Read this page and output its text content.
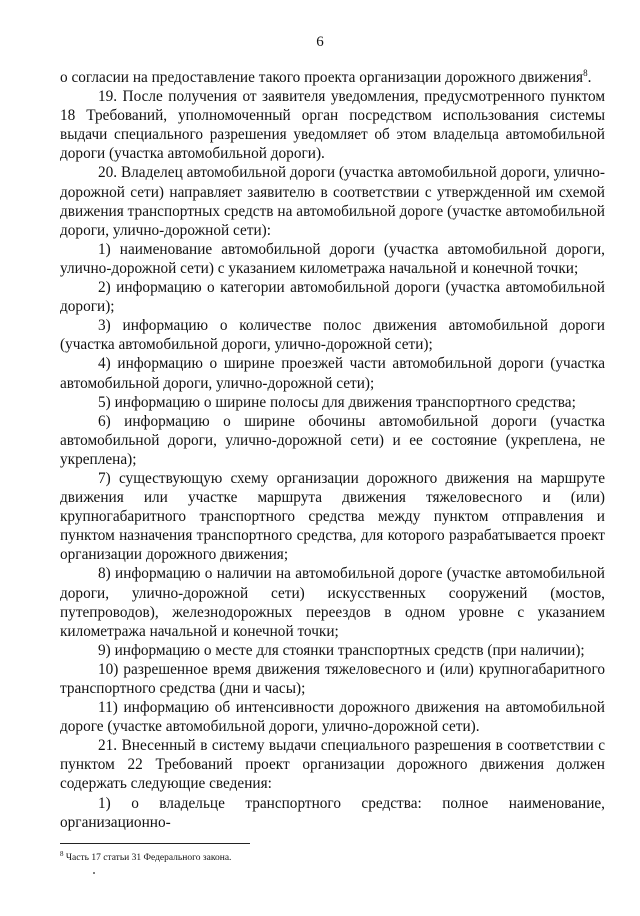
6

о согласии на предоставление такого проекта организации дорожного движения$^8$.

19. После получения от заявителя уведомления, предусмотренного пунктом 18 Требований, уполномоченный орган посредством использования системы выдачи специального разрешения уведомляет об этом владельца автомобильной дороги (участка автомобильной дороги).

20. Владелец автомобильной дороги (участка автомобильной дороги, улично-дорожной сети) направляет заявителю в соответствии с утвержденной им схемой движения транспортных средств на автомобильной дороге (участке автомобильной дороги, улично-дорожной сети):

1) наименование автомобильной дороги (участка автомобильной дороги, улично-дорожной сети) с указанием километража начальной и конечной точки;

2) информацию о категории автомобильной дороги (участка автомобильной дороги);

3) информацию о количестве полос движения автомобильной дороги (участка автомобильной дороги, улично-дорожной сети);

4) информацию о ширине проезжей части автомобильной дороги (участка автомобильной дороги, улично-дорожной сети);

5) информацию о ширине полосы для движения транспортного средства;

6) информацию о ширине обочины автомобильной дороги (участка автомобильной дороги, улично-дорожной сети) и ее состояние (укреплена, не укреплена);

7) существующую схему организации дорожного движения на маршруте движения или участке маршрута движения тяжеловесного и (или) крупногабаритного транспортного средства между пунктом отправления и пунктом назначения транспортного средства, для которого разрабатывается проект организации дорожного движения;

8) информацию о наличии на автомобильной дороге (участке автомобильной дороги, улично-дорожной сети) искусственных сооружений (мостов, путепроводов), железнодорожных переездов в одном уровне с указанием километража начальной и конечной точки;

9) информацию о месте для стоянки транспортных средств (при наличии);

10) разрешенное время движения тяжеловесного и (или) крупногабаритного транспортного средства (дни и часы);

11) информацию об интенсивности дорожного движения на автомобильной дороге (участке автомобильной дороги, улично-дорожной сети).

21. Внесенный в систему выдачи специального разрешения в соответствии с пунктом 22 Требований проект организации дорожного движения должен содержать следующие сведения:

1) о владельце транспортного средства: полное наименование, организационно-

$^8$ Часть 17 статьи 31 Федерального закона.
